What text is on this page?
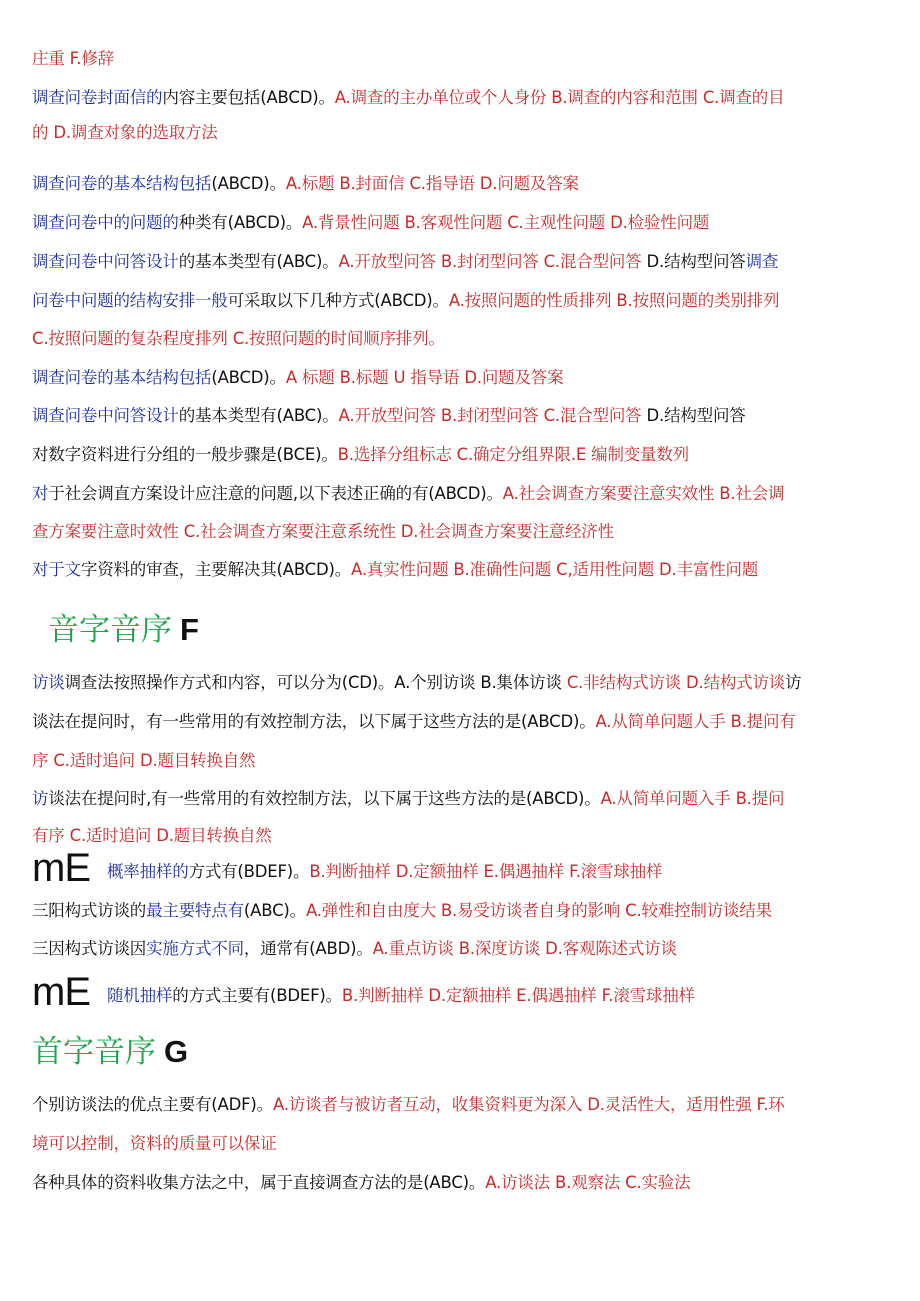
庄重 F.修辞
调查问卷封面信的内容主要包括(ABCD)。A.调查的主办单位或个人身份 B.调查的内容和范围 C.调查的目
的 D.调查对象的选取方法
调查问卷的基本结构包括(ABCD)。A.标题 B.封面信 C.指导语 D.问题及答案
调查问卷中的问题的种类有(ABCD)。A.背景性问题 B.客观性问题 C.主观性问题 D.检验性问题
调查问卷中问答设计的基本类型有(ABC)。A.开放型问答 B.封闭型问答 C.混合型问答 D.结构型问答调查
问卷中问题的结构安排一般可采取以下几种方式(ABCD)。A.按照问题的性质排列 B.按照问题的类别排列
C.按照问题的复杂程度排列 C.按照问题的时间顺序排列。
调查问卷的基本结构包括(ABCD)。A 标题 B.标题 U 指导语 D.问题及答案
调查问卷中问答设计的基本类型有(ABC)。A.开放型问答 B.封闭型问答 C.混合型问答 D.结构型问答
对数字资料进行分组的一般步骤是(BCE)。B.选择分组标志 C.确定分组界限.E 编制变量数列
对于社会调直方案设计应注意的问题,以下表述正确的有(ABCD)。A.社会调查方案要注意实效性 B.社会调
查方案要注意时效性 C.社会调查方案要注意系统性 D.社会调查方案要注意经济性
对于文字资料的审查，主要解决其(ABCD)。A.真实性问题 B.准确性问题 C,适用性问题 D.丰富性问题
访谈调查法按照操作方式和内容，可以分为(CD)。A.个别访谈 B.集体访谈 C.非结构式访谈 D.结构式访谈访
谈法在提问时，有一些常用的有效控制方法，以下属于这些方法的是(ABCD)。A.从简单问题人手 B.提问有
序 C.适时追问 D.题目转换自然
访谈法在提问时,有一些常用的有效控制方法，以下属于这些方法的是(ABCD)。A.从简单问题入手 B.提问
有序 C.适时追问 D.题目转换自然
三阳构式访谈的最主要特点有(ABC)。A.弹性和自由度大 B.易受访谈者自身的影响 C.较难控制访谈结果
三因构式访谈因实施方式不同，通常有(ABD)。A.重点访谈 B.深度访谈 D.客观陈述式访谈
个别访谈法的优点主要有(ADF)。A.访谈者与被访者互动，收集资料更为深入 D.灵活性大，适用性强 F.环
境可以控制，资料的质量可以保证
各种具体的资料收集方法之中，属于直接调查方法的是(ABC)。A.访谈法 B.观察法 C.实验法
mE 概率抽样的方式有(BDEF)。B.判断抽样 D.定额抽样 E.偶遇抽样 F.滚雪球抽样
mE 随机抽样的方式主要有(BDEF)。B.判断抽样 D.定额抽样 E.偶遇抽样 F.滚雪球抽样
音字音序 F
首字音序 G
